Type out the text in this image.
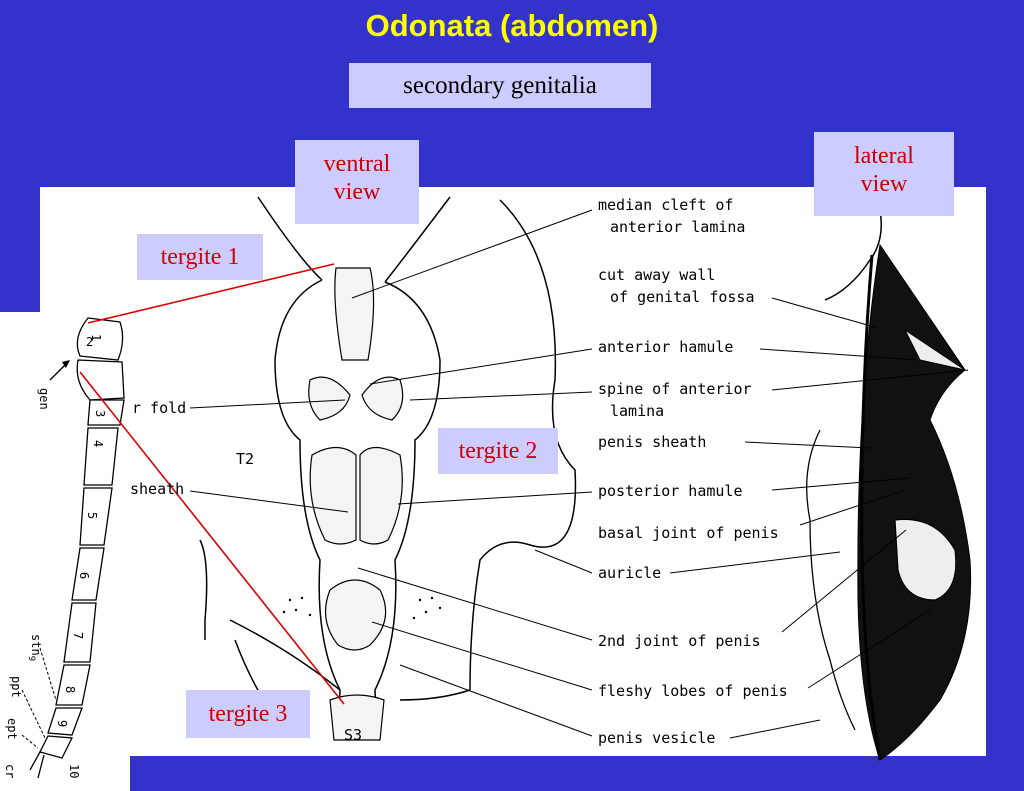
Odonata (abdomen)
secondary genitalia
1
2
3
4
5
6
7
8
9
10
gen
stn$_9$
ppt
ept
cr
median cleft of
anterior lamina
cut away wall
of genital fossa
anterior hamule
spine of anterior
lamina
penis sheath
posterior hamule
basal joint of penis
auricle
2nd joint of penis
fleshy lobes of penis
penis vesicle
r fold
sheath
T2
S3
ventral view
lateral view
tergite 1
tergite 2
tergite 3
